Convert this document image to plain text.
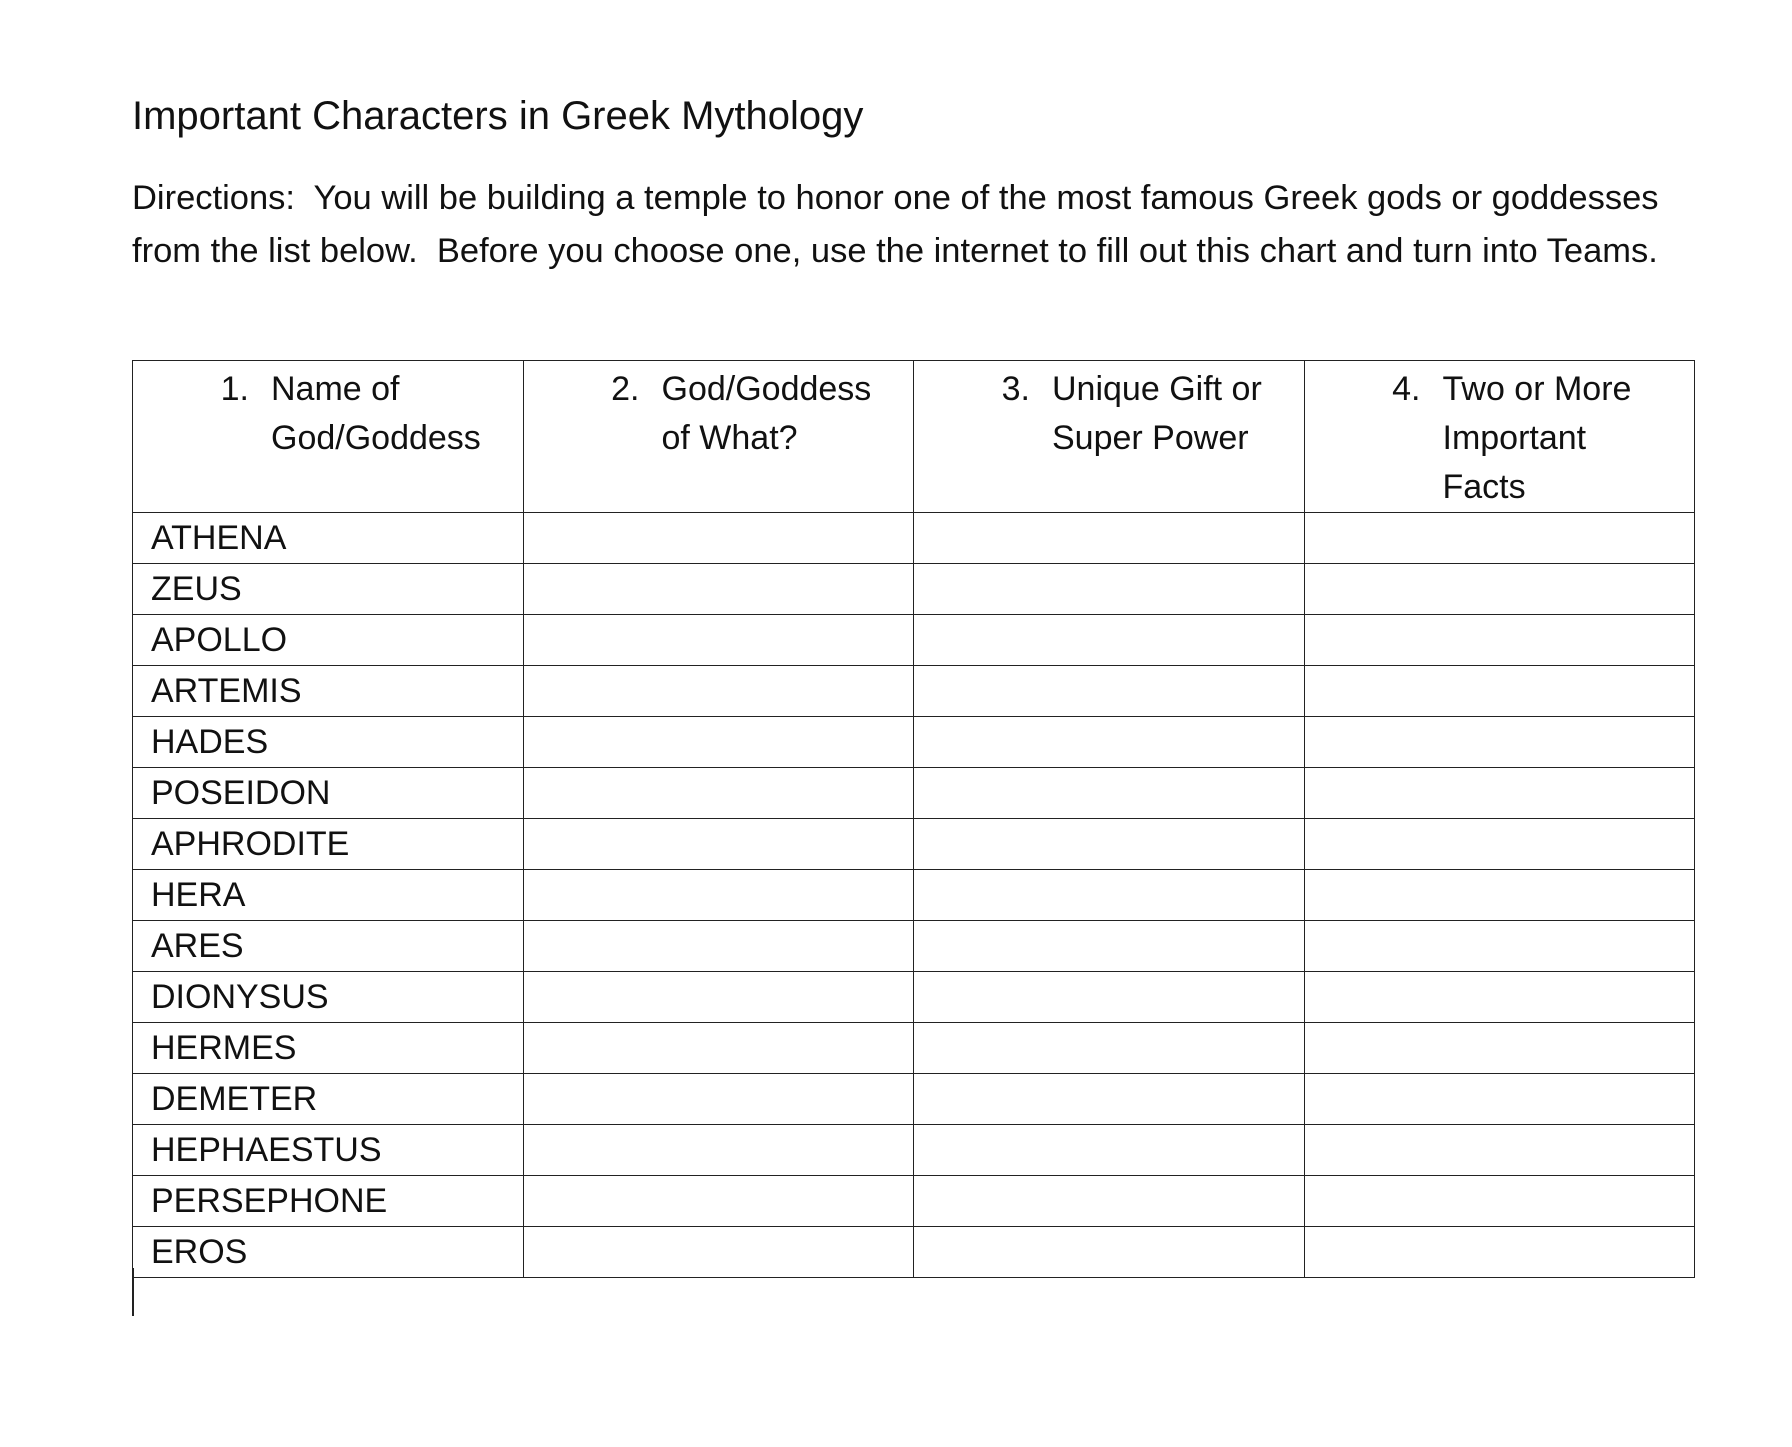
Important Characters in Greek Mythology

Directions:  You will be building a temple to honor one of the most famous Greek gods or goddesses from the list below.  Before you choose one, use the internet to fill out this chart and turn into Teams.

1. Name of God/Goddess	2. God/Goddess of What?	3. Unique Gift or Super Power	4. Two or More Important Facts

ATHENA			

ZEUS			

APOLLO			

ARTEMIS			

HADES			

POSEIDON			

APHRODITE			

HERA			

ARES			

DIONYSUS			

HERMES			

DEMETER			

HEPHAESTUS			

PERSEPHONE			

EROS			
